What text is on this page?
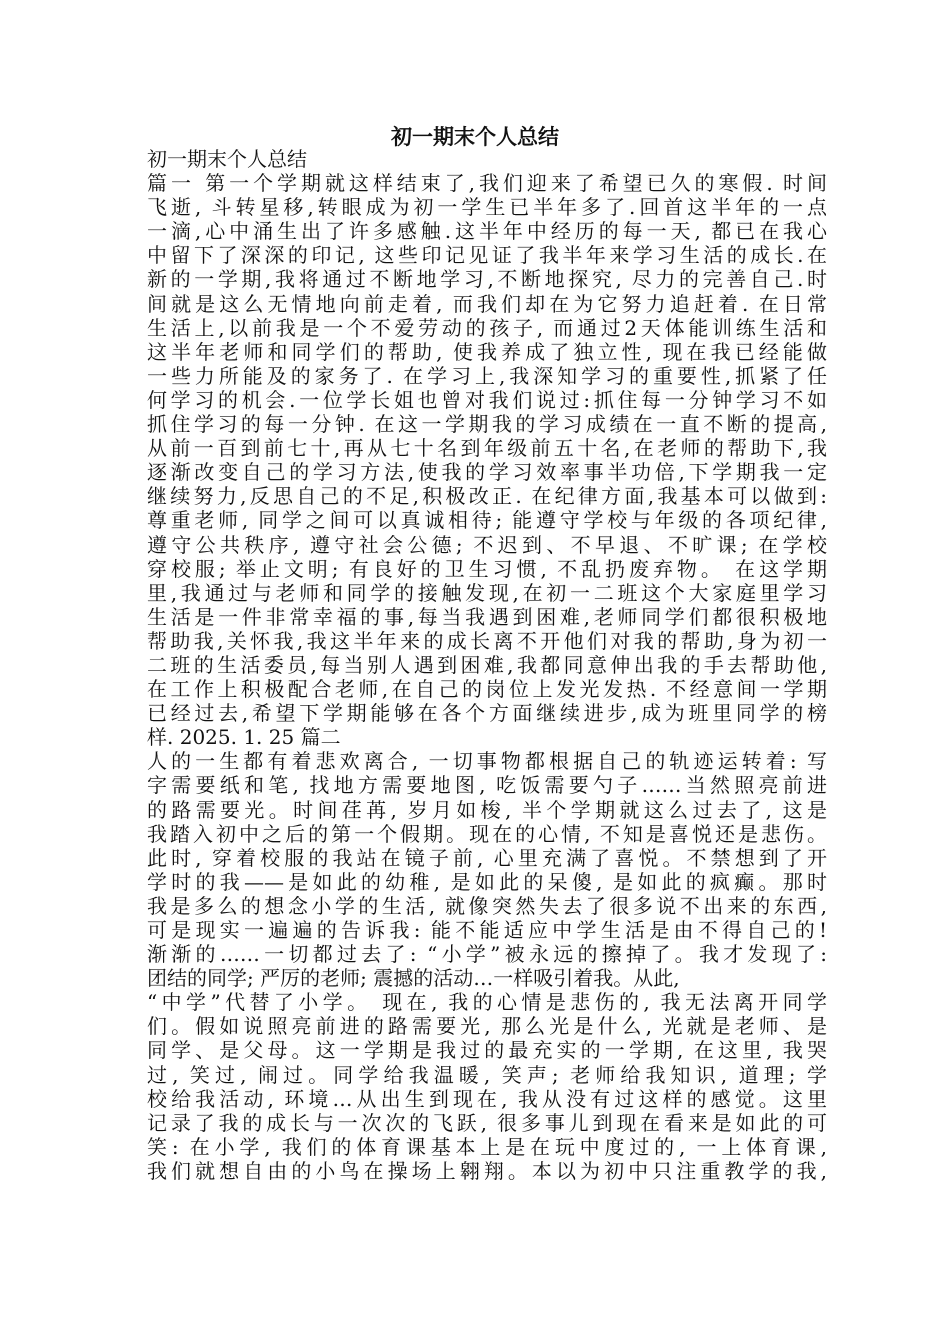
初一期末个人总结
初一期末个人总结
篇一 第一个学期就这样结束了,我们迎来了希望已久的寒假. 时间
飞逝, 斗转星移,转眼成为初一学生已半年多了.回首这半年的一点
一滴,心中涌生出了许多感触.这半年中经历的每一天, 都已在我心
中留下了深深的印记, 这些印记见证了我半年来学习生活的成长.在
新的一学期,我将通过不断地学习,不断地探究, 尽力的完善自己.时
间就是这么无情地向前走着, 而我们却在为它努力追赶着. 在日常
生活上,以前我是一个不爱劳动的孩子, 而通过2天体能训练生活和
这半年老师和同学们的帮助, 使我养成了独立性, 现在我已经能做
一些力所能及的家务了. 在学习上,我深知学习的重要性,抓紧了任
何学习的机会.一位学长姐也曾对我们说过:抓住每一分钟学习不如
抓住学习的每一分钟. 在这一学期我的学习成绩在一直不断的提高,
从前一百到前七十,再从七十名到年级前五十名,在老师的帮助下,我
逐渐改变自己的学习方法,使我的学习效率事半功倍,下学期我一定
继续努力,反思自己的不足,积极改正. 在纪律方面,我基本可以做到:
尊重老师, 同学之间可以真诚相待; 能遵守学校与年级的各项纪律,
遵守公共秩序, 遵守社会公德; 不迟到、不早退、不旷课; 在学校
穿校服; 举止文明; 有良好的卫生习惯, 不乱扔废弃物。 在这学期
里,我通过与老师和同学的接触发现,在初一二班这个大家庭里学习
生活是一件非常幸福的事,每当我遇到困难,老师同学们都很积极地
帮助我,关怀我,我这半年来的成长离不开他们对我的帮助,身为初一
二班的生活委员,每当别人遇到困难,我都同意伸出我的手去帮助他,
在工作上积极配合老师,在自己的岗位上发光发热. 不经意间一学期
已经过去,希望下学期能够在各个方面继续进步,成为班里同学的榜
样. 2025. 1. 25 篇二
人的一生都有着悲欢离合, 一切事物都根据自己的轨迹运转着: 写
字需要纸和笔, 找地方需要地图, 吃饭需要勺子……当然照亮前进
的路需要光。时间荏苒, 岁月如梭, 半个学期就这么过去了, 这是
我踏入初中之后的第一个假期。现在的心情, 不知是喜悦还是悲伤。
此时, 穿着校服的我站在镜子前, 心里充满了喜悦。不禁想到了开
学时的我——是如此的幼稚, 是如此的呆傻, 是如此的疯癫。那时
我是多么的想念小学的生活, 就像突然失去了很多说不出来的东西,
可是现实一遍遍的告诉我: 能不能适应中学生活是由不得自己的!
渐渐的……一切都过去了: “小学”被永远的擦掉了。我才发现了:
团结的同学; 严厉的老师; 震撼的活动…一样吸引着我。从此,
“中学”代替了小学。 现在, 我的心情是悲伤的, 我无法离开同学
们。假如说照亮前进的路需要光, 那么光是什么, 光就是老师、是
同学、是父母。这一学期是我过的最充实的一学期, 在这里, 我哭
过, 笑过, 闹过。同学给我温暖, 笑声; 老师给我知识, 道理; 学
校给我活动, 环境…从出生到现在, 我从没有过这样的感觉。这里
记录了我的成长与一次次的飞跃, 很多事儿到现在看来是如此的可
笑: 在小学, 我们的体育课基本上是在玩中度过的, 一上体育课,
我们就想自由的小鸟在操场上翱翔。本以为初中只注重教学的我,
